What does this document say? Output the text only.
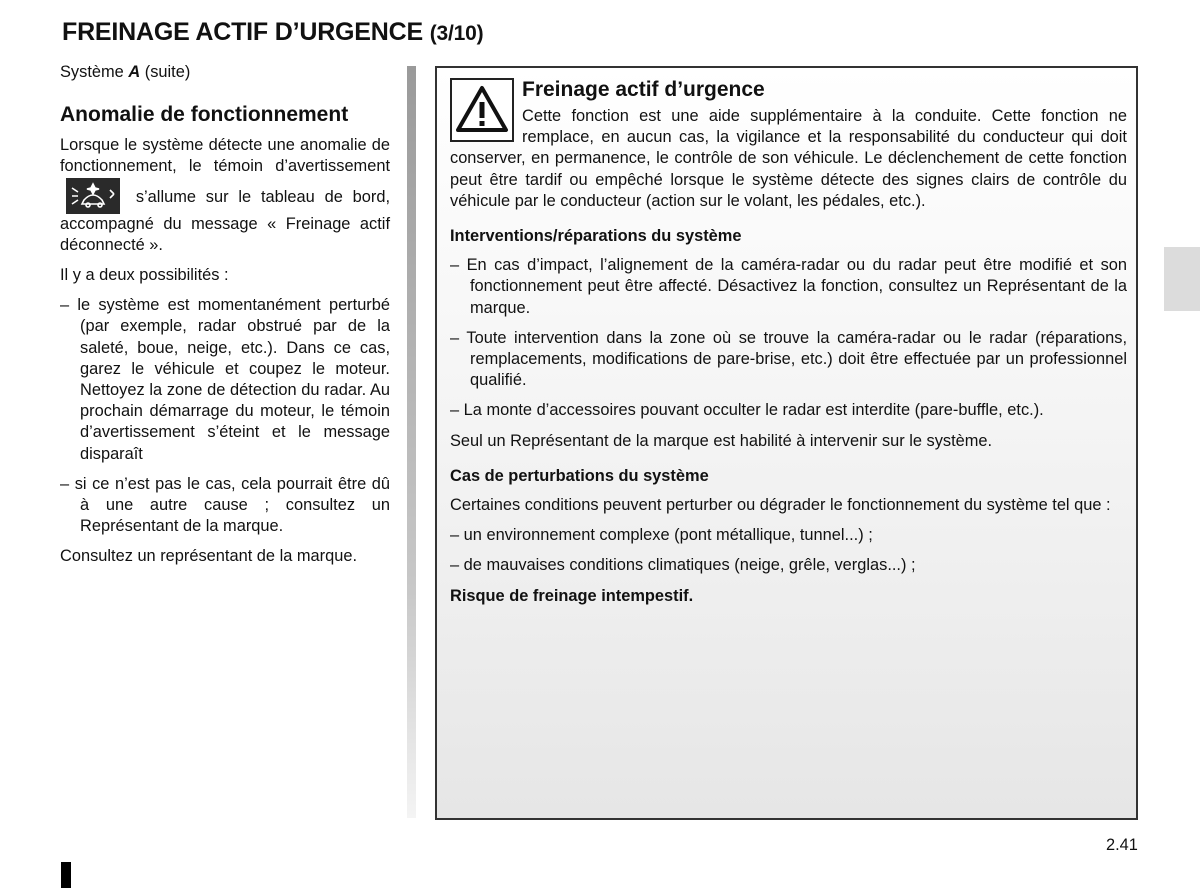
FREINAGE ACTIF D’URGENCE (3/10)

Système A (suite)

Anomalie de fonctionnement

Lorsque le système détecte une anomalie de fonctionnement, le témoin d’avertissement  s’allume sur le tableau de bord, accompagné du message « Freinage actif déconnecté ».

Il y a deux possibilités :

– le système est momentanément perturbé (par exemple, radar obstrué par de la saleté, boue, neige, etc.). Dans ce cas, garez le véhicule et coupez le moteur. Nettoyez la zone de détection du radar. Au prochain démarrage du moteur, le témoin d’avertissement s’éteint et le message disparaît

– si ce n’est pas le cas, cela pourrait être dû à une autre cause ; consultez un Représentant de la marque.

Consultez un représentant de la marque.

Freinage actif d’urgence

Cette fonction est une aide supplémentaire à la conduite. Cette fonction ne remplace, en aucun cas, la vigilance et la responsabilité du conducteur qui doit conserver, en permanence, le contrôle de son véhicule. Le déclenchement de cette fonction peut être tardif ou empêché lorsque le système détecte des signes clairs de contrôle du véhicule par le conducteur (action sur le volant, les pédales, etc.).

Interventions/réparations du système

– En cas d’impact, l’alignement de la caméra-radar ou du radar peut être modifié et son fonctionnement peut être affecté. Désactivez la fonction, consultez un Représentant de la marque.

– Toute intervention dans la zone où se trouve la caméra-radar ou le radar (réparations, remplacements, modifications de pare-brise, etc.) doit être effectuée par un professionnel qualifié.

– La monte d’accessoires pouvant occulter le radar est interdite (pare-buffle, etc.).

Seul un Représentant de la marque est habilité à intervenir sur le système.

Cas de perturbations du système

Certaines conditions peuvent perturber ou dégrader le fonctionnement du système tel que :

– un environnement complexe (pont métallique, tunnel...) ;

– de mauvaises conditions climatiques (neige, grêle, verglas...) ;

Risque de freinage intempestif.

2.41
